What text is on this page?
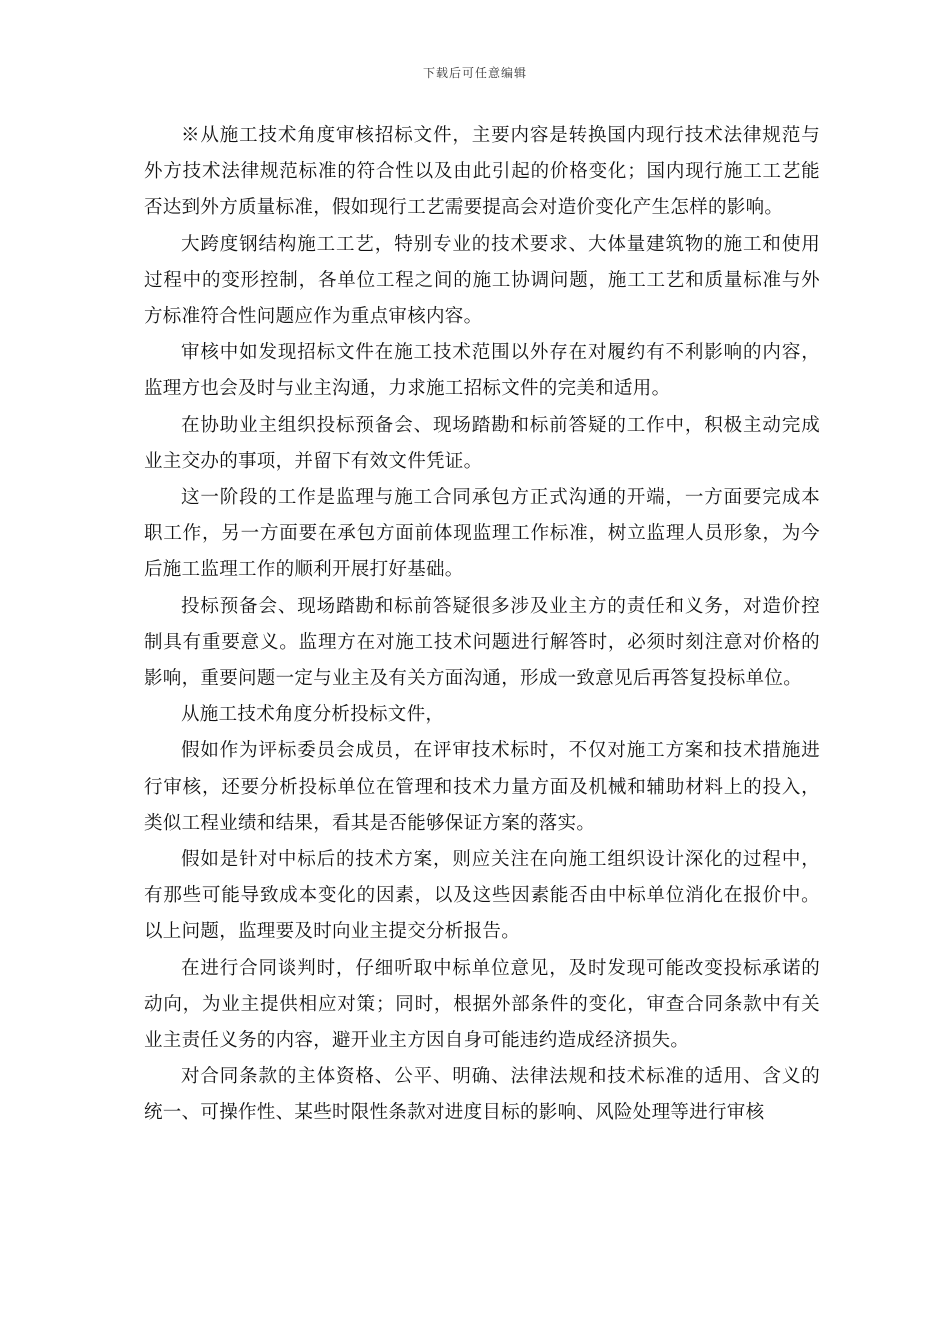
下载后可任意编辑

※从施工技术角度审核招标文件，主要内容是转换国内现行技术法律规范与外方技术法律规范标准的符合性以及由此引起的价格变化；国内现行施工工艺能否达到外方质量标准，假如现行工艺需要提高会对造价变化产生怎样的影响。

大跨度钢结构施工工艺，特别专业的技术要求、大体量建筑物的施工和使用过程中的变形控制，各单位工程之间的施工协调问题，施工工艺和质量标准与外方标准符合性问题应作为重点审核内容。

审核中如发现招标文件在施工技术范围以外存在对履约有不利影响的内容，监理方也会及时与业主沟通，力求施工招标文件的完美和适用。

在协助业主组织投标预备会、现场踏勘和标前答疑的工作中，积极主动完成业主交办的事项，并留下有效文件凭证。

这一阶段的工作是监理与施工合同承包方正式沟通的开端，一方面要完成本职工作，另一方面要在承包方面前体现监理工作标准，树立监理人员形象，为今后施工监理工作的顺利开展打好基础。

投标预备会、现场踏勘和标前答疑很多涉及业主方的责任和义务，对造价控制具有重要意义。监理方在对施工技术问题进行解答时，必须时刻注意对价格的影响，重要问题一定与业主及有关方面沟通，形成一致意见后再答复投标单位。

从施工技术角度分析投标文件，

假如作为评标委员会成员，在评审技术标时，不仅对施工方案和技术措施进行审核，还要分析投标单位在管理和技术力量方面及机械和辅助材料上的投入，类似工程业绩和结果，看其是否能够保证方案的落实。

假如是针对中标后的技术方案，则应关注在向施工组织设计深化的过程中，有那些可能导致成本变化的因素，以及这些因素能否由中标单位消化在报价中。以上问题，监理要及时向业主提交分析报告。

在进行合同谈判时，仔细听取中标单位意见，及时发现可能改变投标承诺的动向，为业主提供相应对策；同时，根据外部条件的变化，审查合同条款中有关业主责任义务的内容，避开业主方因自身可能违约造成经济损失。

对合同条款的主体资格、公平、明确、法律法规和技术标准的适用、含义的统一、可操作性、某些时限性条款对进度目标的影响、风险处理等进行审核
